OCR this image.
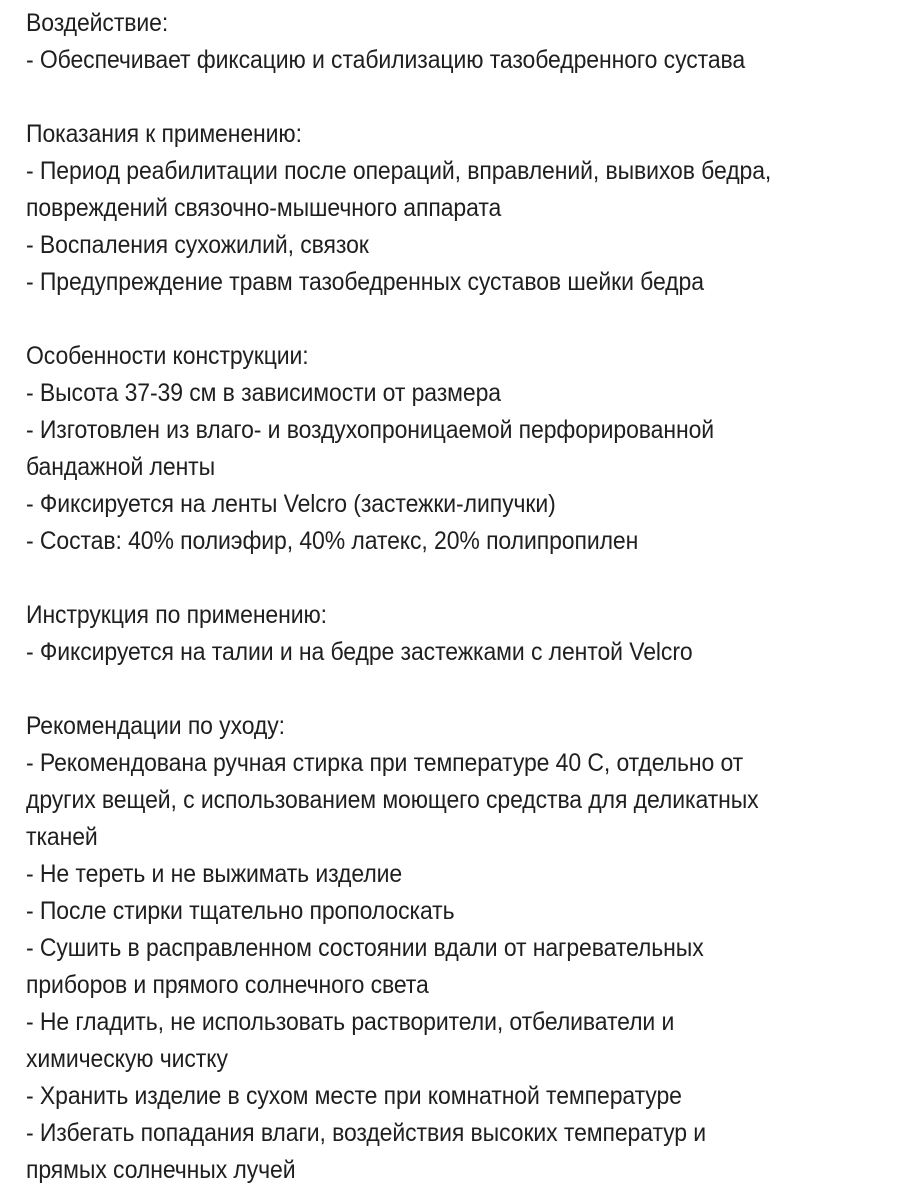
Воздействие:
- Обеспечивает фиксацию и стабилизацию тазобедренного сустава
Показания к применению:
- Период реабилитации после операций, вправлений, вывихов бедра,
повреждений связочно-мышечного аппарата
- Воспаления сухожилий, связок
- Предупреждение травм тазобедренных суставов шейки бедра
Особенности конструкции:
- Высота 37-39 см в зависимости от размера
- Изготовлен из влаго- и воздухопроницаемой перфорированной
бандажной ленты
- Фиксируется на ленты Velcro (застежки-липучки)
- Состав: 40% полиэфир, 40% латекс, 20% полипропилен
Инструкция по применению:
- Фиксируется на талии и на бедре застежками с лентой Velcro
Рекомендации по уходу:
- Рекомендована ручная стирка при температуре 40 С, отдельно от
других вещей, с использованием моющего средства для деликатных
тканей
- Не тереть и не выжимать изделие
- После стирки тщательно прополоскать
- Сушить в расправленном состоянии вдали от нагревательных
приборов и прямого солнечного света
- Не гладить, не использовать растворители, отбеливатели и
химическую чистку
- Хранить изделие в сухом месте при комнатной температуре
- Избегать попадания влаги, воздействия высоких температур и
прямых солнечных лучей
